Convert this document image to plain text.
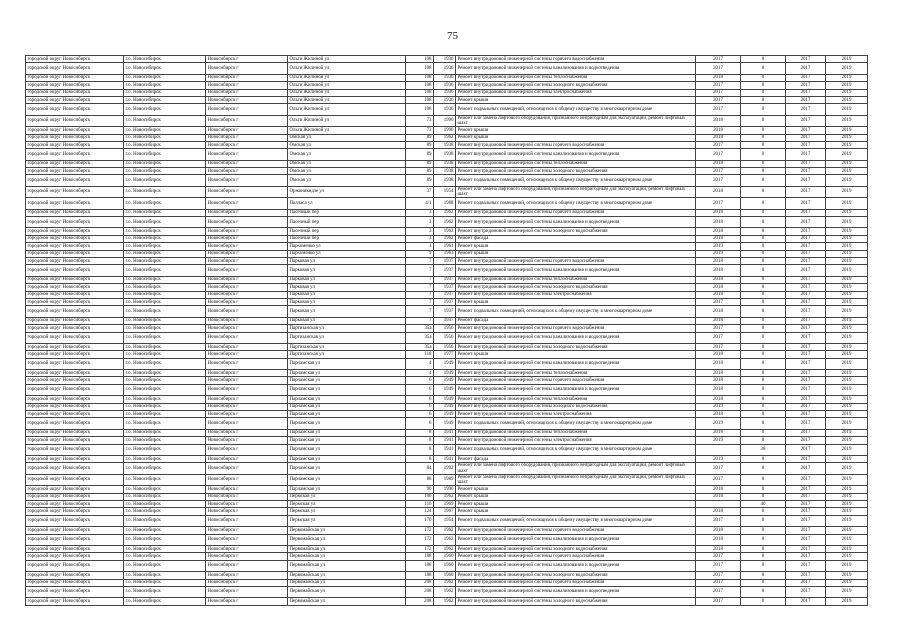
75
городской округ Новосибирск	г.о. Новосибирск	Новосибирск г	Ольги Жилиной ул	108	1936	Ремонт внутридомовой инженерной системы горячего водоснабжения	2017	0	2017	2019
городской округ Новосибирск	г.о. Новосибирск	Новосибирск г	Ольги Жилиной ул	108	1936	Ремонт внутридомовой инженерной системы канализования и водоотведения	2017	0	2017	2019
городской округ Новосибирск	г.о. Новосибирск	Новосибирск г	Ольги Жилиной ул	108	1936	Ремонт внутридомовой инженерной системы теплоснабжения	2018	0	2017	2019
городской округ Новосибирск	г.о. Новосибирск	Новосибирск г	Ольги Жилиной ул	108	1936	Ремонт внутридомовой инженерной системы холодного водоснабжения	2017	0	2017	2019
городской округ Новосибирск	г.о. Новосибирск	Новосибирск г	Ольги Жилиной ул	108	1936	Ремонт внутридомовой инженерной системы электроснабжения	2017	0	2017	2019
городской округ Новосибирск	г.о. Новосибирск	Новосибирск г	Ольги Жилиной ул	108	1936	Ремонт крыши	2017	0	2017	2019
городской округ Новосибирск	г.о. Новосибирск	Новосибирск г	Ольги Жилиной ул	108	1936	Ремонт подвальных помещений, относящихся к общему имуществу в многоквартирном доме	2017	0	2017	2019
городской округ Новосибирск	г.о. Новосибирск	Новосибирск г	Ольги Жилиной ул	73	1990	Ремонт или замена лифтового оборудования, признанного непригодным для эксплуатации, ремонт лифтовых шахт	2018	0	2017	2019
городской округ Новосибирск	г.о. Новосибирск	Новосибирск г	Ольги Жилиной ул	73	1990	Ремонт крыши	2018	0	2017	2019
городской округ Новосибирск	г.о. Новосибирск	Новосибирск г	Омская ул	89	1962	Ремонт крыши	2018	0	2017	2019
городской округ Новосибирск	г.о. Новосибирск	Новосибирск г	Омская ул	89	1938	Ремонт внутридомовой инженерной системы горячего водоснабжения	2017	0	2017	2019
городской округ Новосибирск	г.о. Новосибирск	Новосибирск г	Омская ул	89	1938	Ремонт внутридомовой инженерной системы канализования и водоотведения	2017	0	2017	2019
городской округ Новосибирск	г.о. Новосибирск	Новосибирск г	Омская ул	89	1938	Ремонт внутридомовой инженерной системы теплоснабжения	2018	0	2017	2019
городской округ Новосибирск	г.о. Новосибирск	Новосибирск г	Омская ул	89	1938	Ремонт внутридомовой инженерной системы холодного водоснабжения	2017	0	2017	2019
городской округ Новосибирск	г.о. Новосибирск	Новосибирск г	Омская ул	89	1938	Ремонт подвальных помещений, относящихся к общему имуществу в многоквартирном доме	2017	0	2017	2019
городской округ Новосибирск	г.о. Новосибирск	Новосибирск г	Оржоникидзе ул	37	1954	Ремонт или замена лифтового оборудования, признанного непригодным для эксплуатации, ремонт лифтовых шахт	2018	0	2017	2019
городской округ Новосибирск	г.о. Новосибирск	Новосибирск г	Палласа ул	4/1	1988	Ремонт подвальных помещений, относящихся к общему имуществу в многоквартирном доме	2017	0	2017	2019
городской округ Новосибирск	г.о. Новосибирск	Новосибирск г	Пасечный пер	3	1962	Ремонт внутридомовой инженерной системы горячего водоснабжения	2018	0	2017	2019
городской округ Новосибирск	г.о. Новосибирск	Новосибирск г	Пасечный пер	3	1962	Ремонт внутридомовой инженерной системы канализования и водоотведения	2018	0	2017	2019
городской округ Новосибирск	г.о. Новосибирск	Новосибирск г	Пасечный пер	3	1962	Ремонт внутридомовой инженерной системы холодного водоснабжения	2018	0	2017	2019
городской округ Новосибирск	г.о. Новосибирск	Новосибирск г	Пасечный пер	3	1962	Ремонт фасада	2018	0	2017	2019
городской округ Новосибирск	г.о. Новосибирск	Новосибирск г	Пархоменко ул	1	1961	Ремонт крыши	2019	0	2017	2019
городской округ Новосибирск	г.о. Новосибирск	Новосибирск г	Пархоменко ул	9	1963	Ремонт крыши	2019	0	2017	2019
городской округ Новосибирск	г.о. Новосибирск	Новосибирск г	Парковая ул	7	1937	Ремонт внутридомовой инженерной системы горячего водоснабжения	2018	0	2017	2019
городской округ Новосибирск	г.о. Новосибирск	Новосибирск г	Парковая ул	7	1937	Ремонт внутридомовой инженерной системы канализования и водоотведения	2018	0	2017	2019
городской округ Новосибирск	г.о. Новосибирск	Новосибирск г	Парковая ул	7	1937	Ремонт внутридомовой инженерной системы теплоснабжения	2018	0	2017	2019
городской округ Новосибирск	г.о. Новосибирск	Новосибирск г	Парковая ул	7	1937	Ремонт внутридомовой инженерной системы холодного водоснабжения	2018	0	2017	2019
городской округ Новосибирск	г.о. Новосибирск	Новосибирск г	Парковая ул	7	1937	Ремонт внутридомовой инженерной системы электроснабжения	2018	0	2017	2019
городской округ Новосибирск	г.о. Новосибирск	Новосибирск г	Парковая ул	7	1937	Ремонт крыши	2017	0	2017	2019
городской округ Новосибирск	г.о. Новосибирск	Новосибирск г	Парковая ул	7	1937	Ремонт подвальных помещений, относящихся к общему имуществу в многоквартирном доме	2018	0	2017	2019
городской округ Новосибирск	г.о. Новосибирск	Новосибирск г	Парковая ул	7	1937	Ремонт фасада	2018	0	2017	2019
городской округ Новосибирск	г.о. Новосибирск	Новосибирск г	Партизанская ул	35а	1956	Ремонт внутридомовой инженерной системы горячего водоснабжения	2017	0	2017	2019
городской округ Новосибирск	г.о. Новосибирск	Новосибирск г	Партизанская ул	35а	1956	Ремонт внутридомовой инженерной системы канализования и водоотведения	2017	0	2017	2019
городской округ Новосибирск	г.о. Новосибирск	Новосибирск г	Партизанская ул	35а	1956	Ремонт внутридомовой инженерной системы холодного водоснабжения	2017	0	2017	2019
городской округ Новосибирск	г.о. Новосибирск	Новосибирск г	Партизанская ул	118	1977	Ремонт крыши	2018	0	2017	2019
городской округ Новосибирск	г.о. Новосибирск	Новосибирск г	Парламская ул	4	1949	Ремонт внутридомовой инженерной системы канализования и водоотведения	2018	0	2017	2019
городской округ Новосибирск	г.о. Новосибирск	Новосибирск г	Парламская ул	4	1949	Ремонт внутридомовой инженерной системы теплоснабжения	2018	0	2017	2019
городской округ Новосибирск	г.о. Новосибирск	Новосибирск г	Парламская ул	6	1949	Ремонт внутридомовой инженерной системы горячего водоснабжения	2018	0	2017	2019
городской округ Новосибирск	г.о. Новосибирск	Новосибирск г	Парламская ул	6	1949	Ремонт внутридомовой инженерной системы канализования и водоотведения	2018	0	2017	2019
городской округ Новосибирск	г.о. Новосибирск	Новосибирск г	Парламская ул	6	1949	Ремонт внутридомовой инженерной системы теплоснабжения	2018	0	2017	2019
городской округ Новосибирск	г.о. Новосибирск	Новосибирск г	Парламская ул	6	1949	Ремонт внутридомовой инженерной системы холодного водоснабжения	2019	0	2017	2019
городской округ Новосибирск	г.о. Новосибирск	Новосибирск г	Парламская ул	6	1949	Ремонт внутридомовой инженерной системы электроснабжения	2018	0	2017	2019
городской округ Новосибирск	г.о. Новосибирск	Новосибирск г	Парламская ул	6	1949	Ремонт подвальных помещений, относящихся к общему имуществу в многоквартирном доме	2019	0	2017	2019
городской округ Новосибирск	г.о. Новосибирск	Новосибирск г	Парламская ул	8	1941	Ремонт внутридомовой инженерной системы теплоснабжения	2018	0	2017	2019
городской округ Новосибирск	г.о. Новосибирск	Новосибирск г	Парламская ул	8	1941	Ремонт внутридомовой инженерной системы электроснабжения	2019	0	2017	2019
городской округ Новосибирск	г.о. Новосибирск	Новосибирск г	Парламская ул	8	1941	Ремонт подвальных помещений, относящихся к общему имуществу в многоквартирном доме		38	2017	2019
городской округ Новосибирск	г.о. Новосибирск	Новосибирск г	Парламская ул	8	1941	Ремонт фасада	2019	0	2017	2019
городской округ Новосибирск	г.о. Новосибирск	Новосибирск г	Парламская ул	84	1992	Ремонт или замена лифтового оборудования, признанного непригодным для эксплуатации, ремонт лифтовых шахт	2017	0	2017	2019
городской округ Новосибирск	г.о. Новосибирск	Новосибирск г	Парламская ул	88	1989	Ремонт или замена лифтового оборудования, признанного непригодным для эксплуатации, ремонт лифтовых шахт	2017	0	2017	2019
городской округ Новосибирск	г.о. Новосибирск	Новосибирск г	Парламская ул	90	1990	Ремонт крыши	2018	0	2017	2019
городской округ Новосибирск	г.о. Новосибирск	Новосибирск г	Пермская ул	106	1962	Ремонт крыши	2018	0	2017	2019
городской округ Новосибирск	г.о. Новосибирск	Новосибирск г	Пермская ул	116	1969	Ремонт крыши		40	2017	2019
городской округ Новосибирск	г.о. Новосибирск	Новосибирск г	Пермская ул	124	1967	Ремонт крыши	2018	0	2017	2019
городской округ Новосибирск	г.о. Новосибирск	Новосибирск г	Пермская ул	170	1954	Ремонт подвальных помещений, относящихся к общему имуществу в многоквартирном доме	2017	0	2017	2019
городской округ Новосибирск	г.о. Новосибирск	Новосибирск г	Первомайская ул	172	1962	Ремонт внутридомовой инженерной системы горячего водоснабжения	2018	0	2017	2019
городской округ Новосибирск	г.о. Новосибирск	Новосибирск г	Первомайская ул	172	1962	Ремонт внутридомовой инженерной системы канализования и водоотведения	2018	0	2017	2019
городской округ Новосибирск	г.о. Новосибирск	Новосибирск г	Первомайская ул	172	1962	Ремонт внутридомовой инженерной системы холодного водоснабжения	2018	0	2017	2019
городской округ Новосибирск	г.о. Новосибирск	Новосибирск г	Первомайская ул	188	1960	Ремонт внутридомовой инженерной системы горячего водоснабжения	2017	0	2017	2019
городской округ Новосибирск	г.о. Новосибирск	Новосибирск г	Первомайская ул	188	1960	Ремонт внутридомовой инженерной системы канализования и водоотведения	2017	0	2017	2019
городской округ Новосибирск	г.о. Новосибирск	Новосибирск г	Первомайская ул	188	1960	Ремонт внутридомовой инженерной системы холодного водоснабжения	2017	0	2017	2019
городской округ Новосибирск	г.о. Новосибирск	Новосибирск г	Первомайская ул	208	1962	Ремонт внутридомовой инженерной системы горячего водоснабжения	2017	0	2017	2019
городской округ Новосибирск	г.о. Новосибирск	Новосибирск г	Первомайская ул	208	1962	Ремонт внутридомовой инженерной системы канализования и водоотведения	2017	0	2017	2019
городской округ Новосибирск	г.о. Новосибирск	Новосибирск г	Первомайская ул	208	1962	Ремонт внутридомовой инженерной системы холодного водоснабжения	2017	0	2017	2019
